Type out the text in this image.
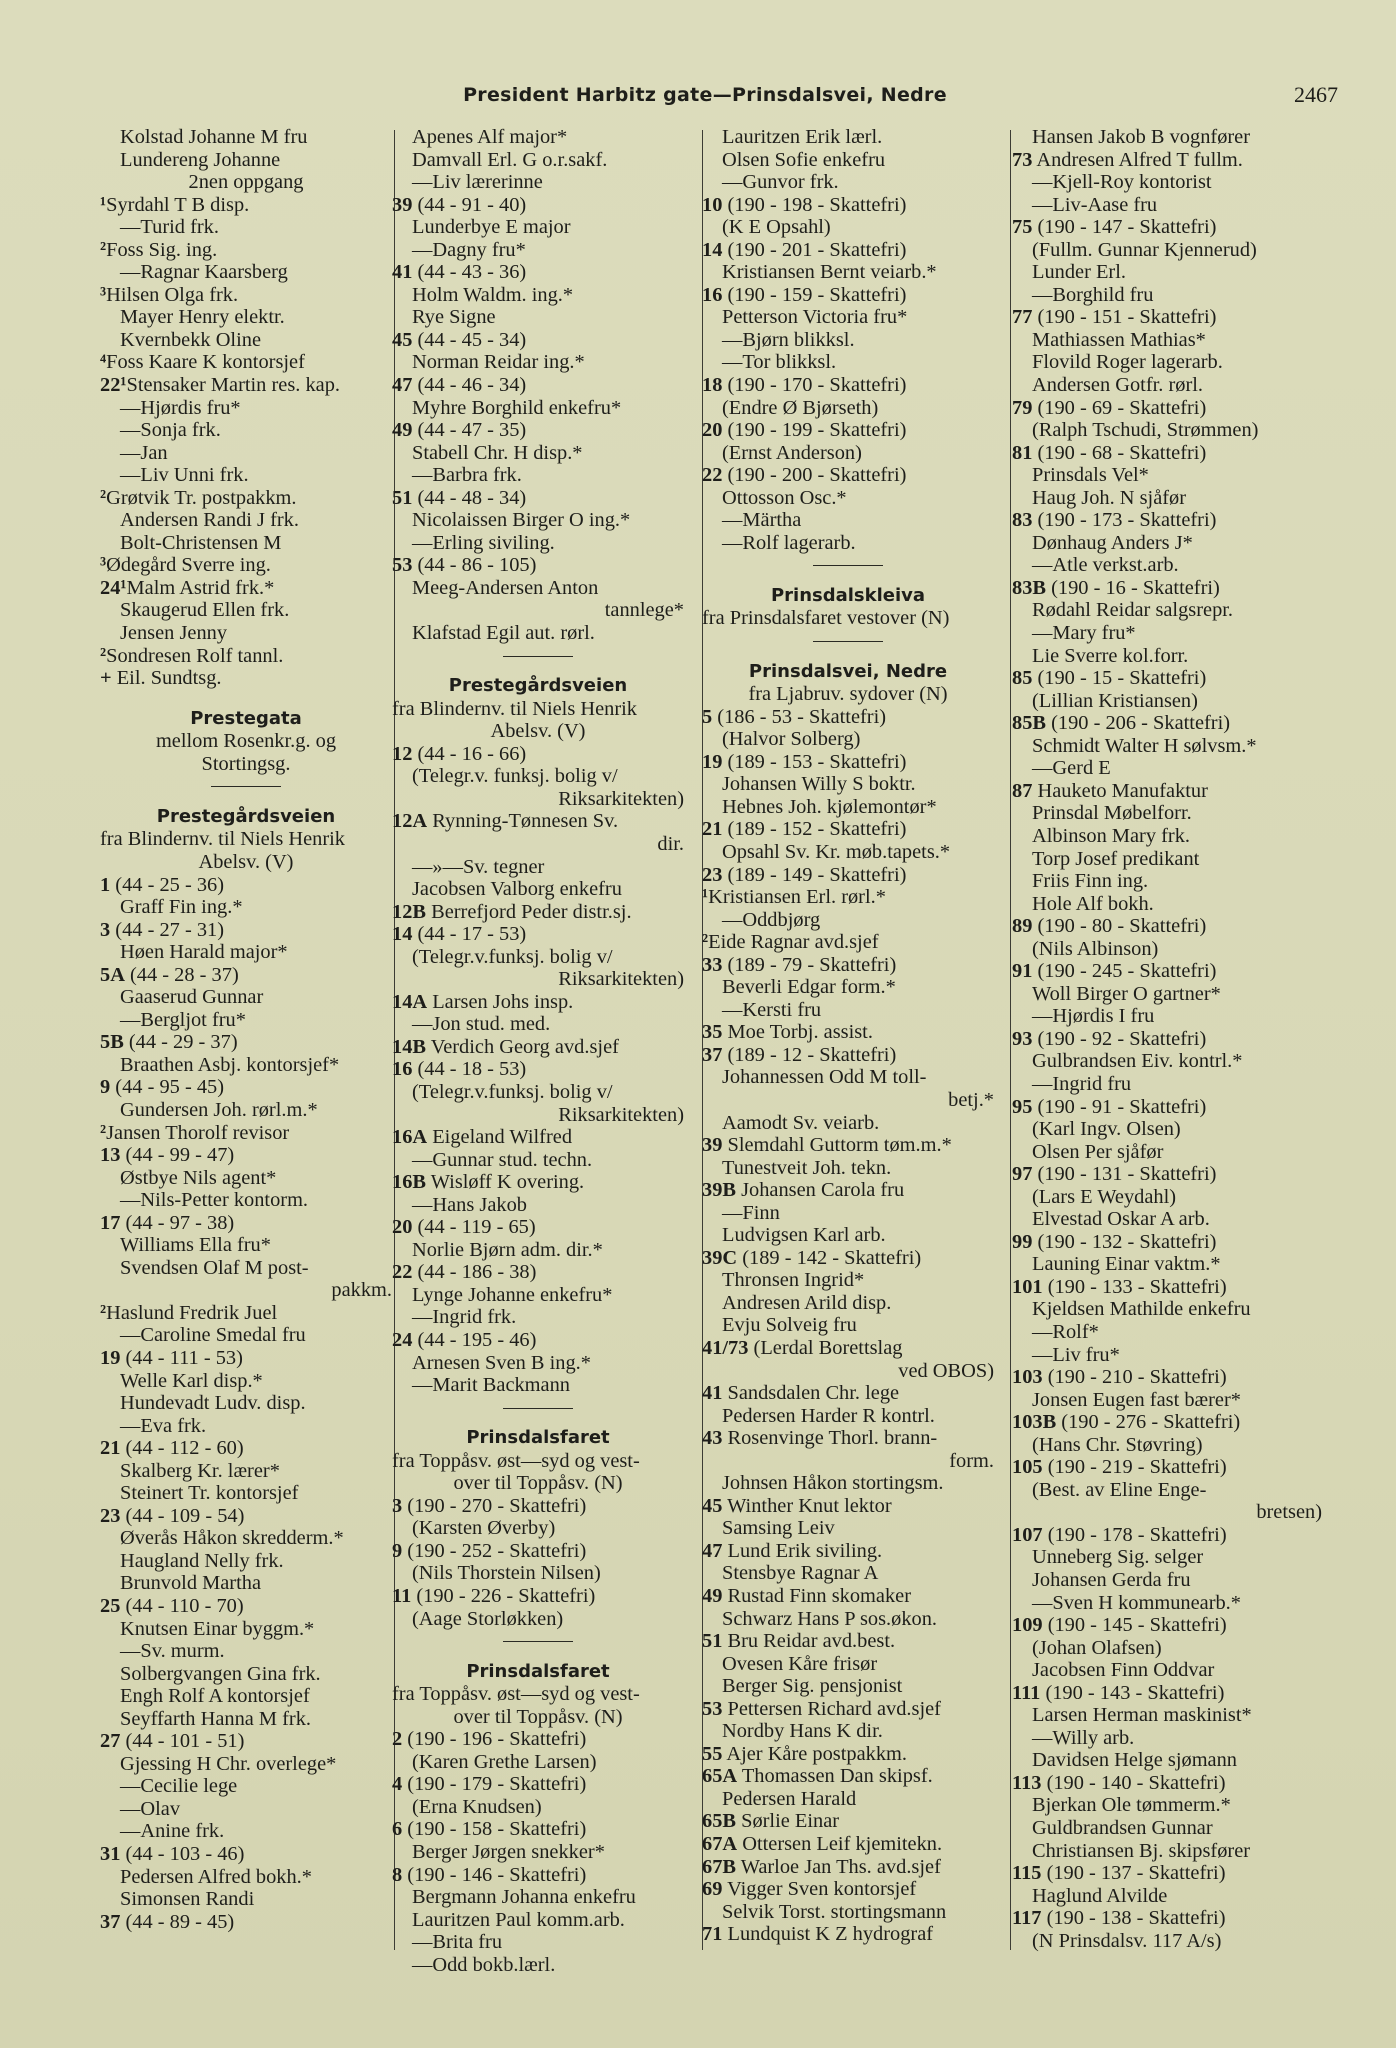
President Harbitz gate—Prinsdalsvei, Nedre	2467
Kolstad Johanne M fru
Lundereng Johanne
2nen oppgang
¹Syrdahl T B disp.
—Turid frk.
²Foss Sig. ing.
—Ragnar Kaarsberg
³Hilsen Olga frk.
Mayer Henry elektr.
Kvernbekk Oline
⁴Foss Kaare K kontorsjef
22¹Stensaker Martin res. kap.
—Hjørdis fru*
—Sonja frk.
—Jan
—Liv Unni frk.
²Grøtvik Tr. postpakkm.
Andersen Randi J frk.
Bolt-Christensen M
³Ødegård Sverre ing.
24¹Malm Astrid frk.*
Skaugerud Ellen frk.
Jensen Jenny
²Sondresen Rolf tannl.
+ Eil. Sundtsg.
Prestegata
mellom Rosenkr.g. og
Stortingsg.
Prestegårdsveien
fra Blindernv. til Niels Henrik
Abelsv. (V)
1 (44 - 25 - 36)
Graff Fin ing.*
3 (44 - 27 - 31)
Høen Harald major*
5A (44 - 28 - 37)
Gaaserud Gunnar
—Bergljot fru*
5B (44 - 29 - 37)
Braathen Asbj. kontorsjef*
9 (44 - 95 - 45)
Gundersen Joh. rørl.m.*
²Jansen Thorolf revisor
13 (44 - 99 - 47)
Østbye Nils agent*
—Nils-Petter kontorm.
17 (44 - 97 - 38)
Williams Ella fru*
Svendsen Olaf M post-
pakkm.
²Haslund Fredrik Juel
—Caroline Smedal fru
19 (44 - 111 - 53)
Welle Karl disp.*
Hundevadt Ludv. disp.
—Eva frk.
21 (44 - 112 - 60)
Skalberg Kr. lærer*
Steinert Tr. kontorsjef
23 (44 - 109 - 54)
Øverås Håkon skredderm.*
Haugland Nelly frk.
Brunvold Martha
25 (44 - 110 - 70)
Knutsen Einar byggm.*
—Sv. murm.
Solbergvangen Gina frk.
Engh Rolf A kontorsjef
Seyffarth Hanna M frk.
27 (44 - 101 - 51)
Gjessing H Chr. overlege*
—Cecilie lege
—Olav
—Anine frk.
31 (44 - 103 - 46)
Pedersen Alfred bokh.*
Simonsen Randi
37 (44 - 89 - 45)
Apenes Alf major*
Damvall Erl. G o.r.sakf.
—Liv lærerinne
39 (44 - 91 - 40)
Lunderbye E major
—Dagny fru*
41 (44 - 43 - 36)
Holm Waldm. ing.*
Rye Signe
45 (44 - 45 - 34)
Norman Reidar ing.*
47 (44 - 46 - 34)
Myhre Borghild enkefru*
49 (44 - 47 - 35)
Stabell Chr. H disp.*
—Barbra frk.
51 (44 - 48 - 34)
Nicolaissen Birger O ing.*
—Erling siviling.
53 (44 - 86 - 105)
Meeg-Andersen Anton
tannlege*
Klafstad Egil aut. rørl.
Prestegårdsveien
fra Blindernv. til Niels Henrik
Abelsv. (V)
12 (44 - 16 - 66)
(Telegr.v. funksj. bolig v/
Riksarkitekten)
12A Rynning-Tønnesen Sv.
dir.
—»—Sv. tegner
Jacobsen Valborg enkefru
12B Berrefjord Peder distr.sj.
14 (44 - 17 - 53)
(Telegr.v.funksj. bolig v/
Riksarkitekten)
14A Larsen Johs insp.
—Jon stud. med.
14B Verdich Georg avd.sjef
16 (44 - 18 - 53)
(Telegr.v.funksj. bolig v/
Riksarkitekten)
16A Eigeland Wilfred
—Gunnar stud. techn.
16B Wisløff K overing.
—Hans Jakob
20 (44 - 119 - 65)
Norlie Bjørn adm. dir.*
22 (44 - 186 - 38)
Lynge Johanne enkefru*
—Ingrid frk.
24 (44 - 195 - 46)
Arnesen Sven B ing.*
—Marit Backmann
Prinsdalsfaret
fra Toppåsv. øst—syd og vest-
over til Toppåsv. (N)
3 (190 - 270 - Skattefri)
(Karsten Øverby)
9 (190 - 252 - Skattefri)
(Nils Thorstein Nilsen)
11 (190 - 226 - Skattefri)
(Aage Storløkken)
Prinsdalsfaret
fra Toppåsv. øst—syd og vest-
over til Toppåsv. (N)
2 (190 - 196 - Skattefri)
(Karen Grethe Larsen)
4 (190 - 179 - Skattefri)
(Erna Knudsen)
6 (190 - 158 - Skattefri)
Berger Jørgen snekker*
8 (190 - 146 - Skattefri)
Bergmann Johanna enkefru
Lauritzen Paul komm.arb.
—Brita fru
—Odd bokb.lærl.
Lauritzen Erik lærl.
Olsen Sofie enkefru
—Gunvor frk.
10 (190 - 198 - Skattefri)
(K E Opsahl)
14 (190 - 201 - Skattefri)
Kristiansen Bernt veiarb.*
16 (190 - 159 - Skattefri)
Petterson Victoria fru*
—Bjørn blikksl.
—Tor blikksl.
18 (190 - 170 - Skattefri)
(Endre Ø Bjørseth)
20 (190 - 199 - Skattefri)
(Ernst Anderson)
22 (190 - 200 - Skattefri)
Ottosson Osc.*
—Märtha
—Rolf lagerarb.
Prinsdalskleiva
fra Prinsdalsfaret vestover (N)
Prinsdalsvei, Nedre
fra Ljabruv. sydover (N)
5 (186 - 53 - Skattefri)
(Halvor Solberg)
19 (189 - 153 - Skattefri)
Johansen Willy S boktr.
Hebnes Joh. kjølemontør*
21 (189 - 152 - Skattefri)
Opsahl Sv. Kr. møb.tapets.*
23 (189 - 149 - Skattefri)
¹Kristiansen Erl. rørl.*
—Oddbjørg
²Eide Ragnar avd.sjef
33 (189 - 79 - Skattefri)
Beverli Edgar form.*
—Kersti fru
35 Moe Torbj. assist.
37 (189 - 12 - Skattefri)
Johannessen Odd M toll-
betj.*
Aamodt Sv. veiarb.
39 Slemdahl Guttorm tøm.m.*
Tunestveit Joh. tekn.
39B Johansen Carola fru
—Finn
Ludvigsen Karl arb.
39C (189 - 142 - Skattefri)
Thronsen Ingrid*
Andresen Arild disp.
Evju Solveig fru
41/73 (Lerdal Borettslag
ved OBOS)
41 Sandsdalen Chr. lege
Pedersen Harder R kontrl.
43 Rosenvinge Thorl. brann-
form.
Johnsen Håkon stortingsm.
45 Winther Knut lektor
Samsing Leiv
47 Lund Erik siviling.
Stensbye Ragnar A
49 Rustad Finn skomaker
Schwarz Hans P sos.økon.
51 Bru Reidar avd.best.
Ovesen Kåre frisør
Berger Sig. pensjonist
53 Pettersen Richard avd.sjef
Nordby Hans K dir.
55 Ajer Kåre postpakkm.
65A Thomassen Dan skipsf.
Pedersen Harald
65B Sørlie Einar
67A Ottersen Leif kjemitekn.
67B Warloe Jan Ths. avd.sjef
69 Vigger Sven kontorsjef
Selvik Torst. stortingsmann
71 Lundquist K Z hydrograf
Hansen Jakob B vognfører
73 Andresen Alfred T fullm.
—Kjell-Roy kontorist
—Liv-Aase fru
75 (190 - 147 - Skattefri)
(Fullm. Gunnar Kjennerud)
Lunder Erl.
—Borghild fru
77 (190 - 151 - Skattefri)
Mathiassen Mathias*
Flovild Roger lagerarb.
Andersen Gotfr. rørl.
79 (190 - 69 - Skattefri)
(Ralph Tschudi, Strømmen)
81 (190 - 68 - Skattefri)
Prinsdals Vel*
Haug Joh. N sjåfør
83 (190 - 173 - Skattefri)
Dønhaug Anders J*
—Atle verkst.arb.
83B (190 - 16 - Skattefri)
Rødahl Reidar salgsrepr.
—Mary fru*
Lie Sverre kol.forr.
85 (190 - 15 - Skattefri)
(Lillian Kristiansen)
85B (190 - 206 - Skattefri)
Schmidt Walter H sølvsm.*
—Gerd E
87 Hauketo Manufaktur
Prinsdal Møbelforr.
Albinson Mary frk.
Torp Josef predikant
Friis Finn ing.
Hole Alf bokh.
89 (190 - 80 - Skattefri)
(Nils Albinson)
91 (190 - 245 - Skattefri)
Woll Birger O gartner*
—Hjørdis I fru
93 (190 - 92 - Skattefri)
Gulbrandsen Eiv. kontrl.*
—Ingrid fru
95 (190 - 91 - Skattefri)
(Karl Ingv. Olsen)
Olsen Per sjåfør
97 (190 - 131 - Skattefri)
(Lars E Weydahl)
Elvestad Oskar A arb.
99 (190 - 132 - Skattefri)
Launing Einar vaktm.*
101 (190 - 133 - Skattefri)
Kjeldsen Mathilde enkefru
—Rolf*
—Liv fru*
103 (190 - 210 - Skattefri)
Jonsen Eugen fast bærer*
103B (190 - 276 - Skattefri)
(Hans Chr. Støvring)
105 (190 - 219 - Skattefri)
(Best. av Eline Enge-
bretsen)
107 (190 - 178 - Skattefri)
Unneberg Sig. selger
Johansen Gerda fru
—Sven H kommunearb.*
109 (190 - 145 - Skattefri)
(Johan Olafsen)
Jacobsen Finn Oddvar
111 (190 - 143 - Skattefri)
Larsen Herman maskinist*
—Willy arb.
Davidsen Helge sjømann
113 (190 - 140 - Skattefri)
Bjerkan Ole tømmerm.*
Guldbrandsen Gunnar
Christiansen Bj. skipsfører
115 (190 - 137 - Skattefri)
Haglund Alvilde
117 (190 - 138 - Skattefri)
(N Prinsdalsv. 117 A/s)
